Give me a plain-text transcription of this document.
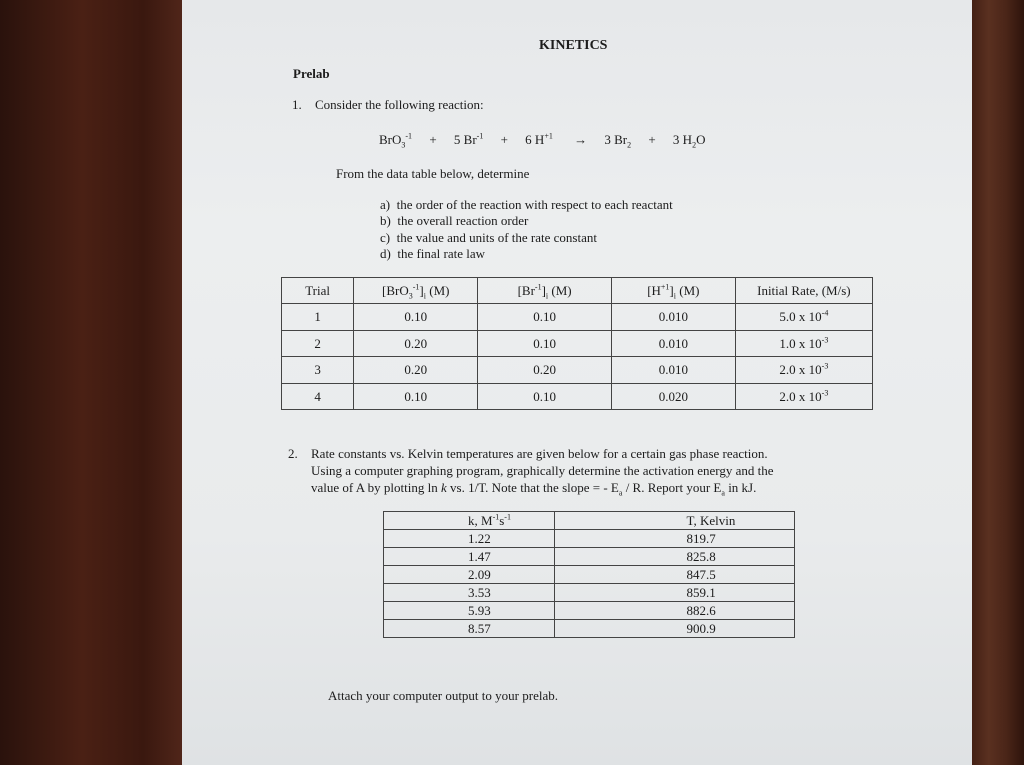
KINETICS
Prelab
1. Consider the following reaction:
BrO$_3^{-1}$ + 5 $Br^{-1} + 6$ $H^{+1} \to 3$ $Br_2 + 3$ $H_2O$
From the data table below, determine
a) the order of the reaction with respect to each reactant
b) the overall reaction order
c) the value and units of the rate constant
d) the final rate law
Trial	$[BrO_3^{-1}]_i$ (M)	$[Br^{-1}]_i$ (M)	$[H^{+1}]_i$ (M)	Initial Rate, (M/s)
1	0.10	0.10	0.010	5.0 x $10^{-4}$
2	0.20	0.10	0.010	1.0 x $10^{-3}$
3	0.20	0.20	0.010	2.0 x $10^{-3}$
4	0.10	0.10	0.020	2.0 x $10^{-3}$
2. Rate constants vs. Kelvin temperatures are given below for a certain gas phase reaction.
Using a computer graphing program, graphically determine the activation energy and the
value of A by plotting ln k vs. 1/T. Note that the slope = - $E_a$ / R. Report your $E_a$ in kJ.
k, $M^{-1}s^{-1}$	T, Kelvin
1.22	819.7
1.47	825.8
2.09	847.5
3.53	859.1
5.93	882.6
8.57	900.9
Attach your computer output to your prelab.
